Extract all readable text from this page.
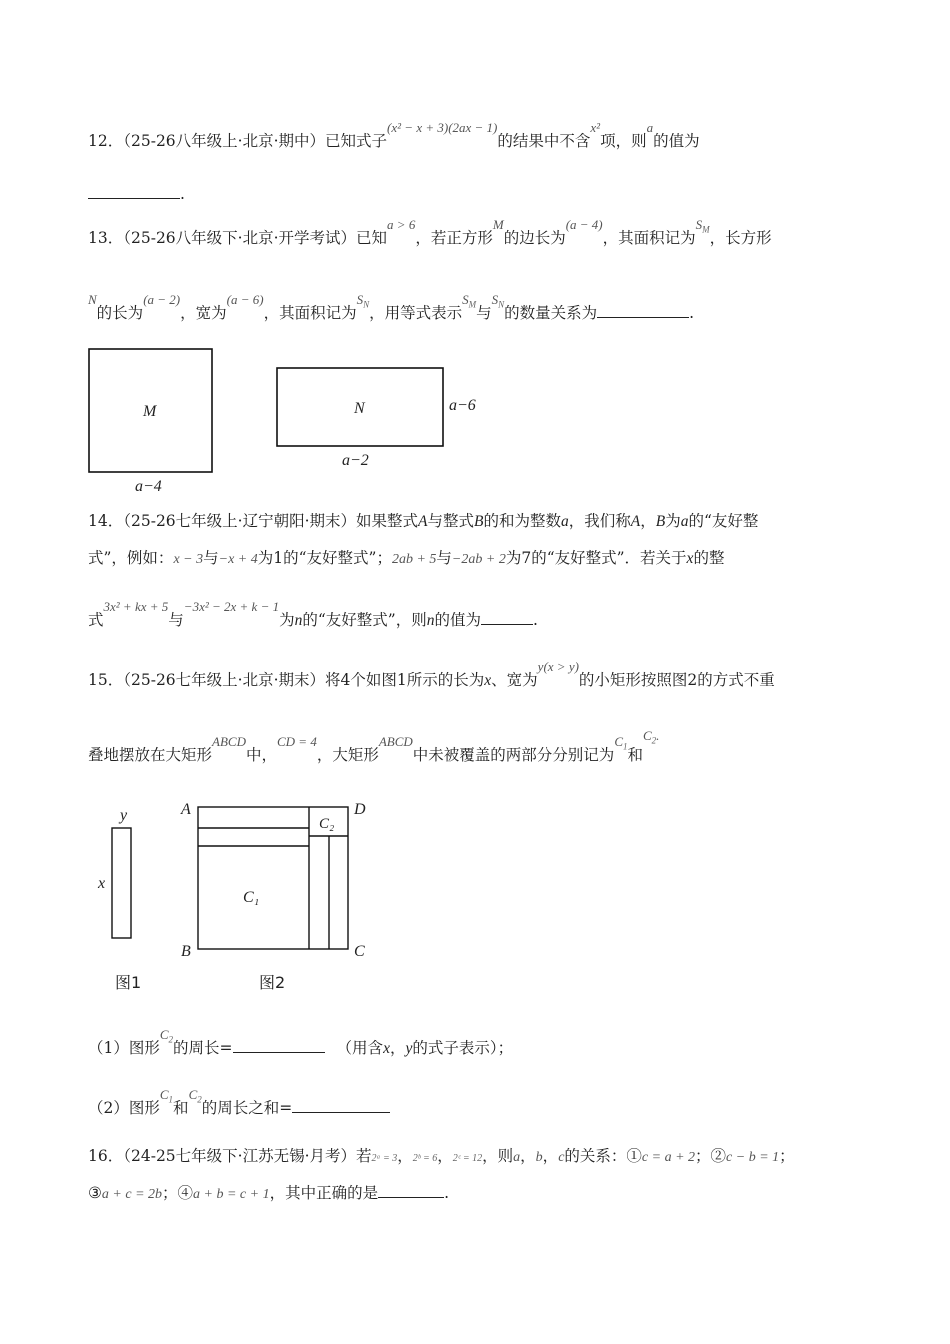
12．（25-26八年级上·北京·期中）已知式子$^{(x^2 - x + 3)(2ax - 1)}$的结果中不含$^{x^2}$项，则$^a$的值为
.
13．（25-26八年级下·北京·开学考试）已知$^{a > 6}$，若正方形$^M$的边长为$^{(a - 4)}$，其面积记为℠，长方形
$^N$的长为$^{(a - 2)}$，宽为$^{(a - 6)}$，其面积记为$^{S_N}$，用等式表示℠与$^{S_N}$的数量关系为	.
M
a−4
N	a−6
a−2
14．（25-26七年级上·辽宁朝阳·期末）如果整式A与整式B的和为整数a，我们称A，B为a的“友好整
式”，例如：x − 3与−x + 4为1的“友好整式”；2ab + 5与−2ab + 2为7的“友好整式”．若关于x的整
式$^{3x^2 + kx + 5}$与$^{-3x^2 - 2x + k - 1}$为n的“友好整式”，则n的值为	.
15．（25-26七年级上·北京·期末）将4个如图1所示的长为x、宽为$^{y(x > y)}$的小矩形按照图2的方式不重
叠地摆放在大矩形$^{ABCD}$中，$^{CD = 4}$，大矩形$^{ABCD}$中未被覆盖的两部分分别记为$^{C_1}$和$^{C_2.}$
y
x
图1
A	D
B	C
C₂
C₁
图2
（1）图形$^{C_2}$的周长=	（用含x，y的式子表示）；
（2）图形$^{C_1}$和$^{C_2}$的周长之和=
16．（24-25七年级下·江苏无锡·月考）若2ᵃ = 3，2ᵇ = 6，2ᶜ = 12，则a，b，c的关系：①c = a + 2；②c − b = 1；
③a + c = 2b；④a + b = c + 1，其中正确的是	.
